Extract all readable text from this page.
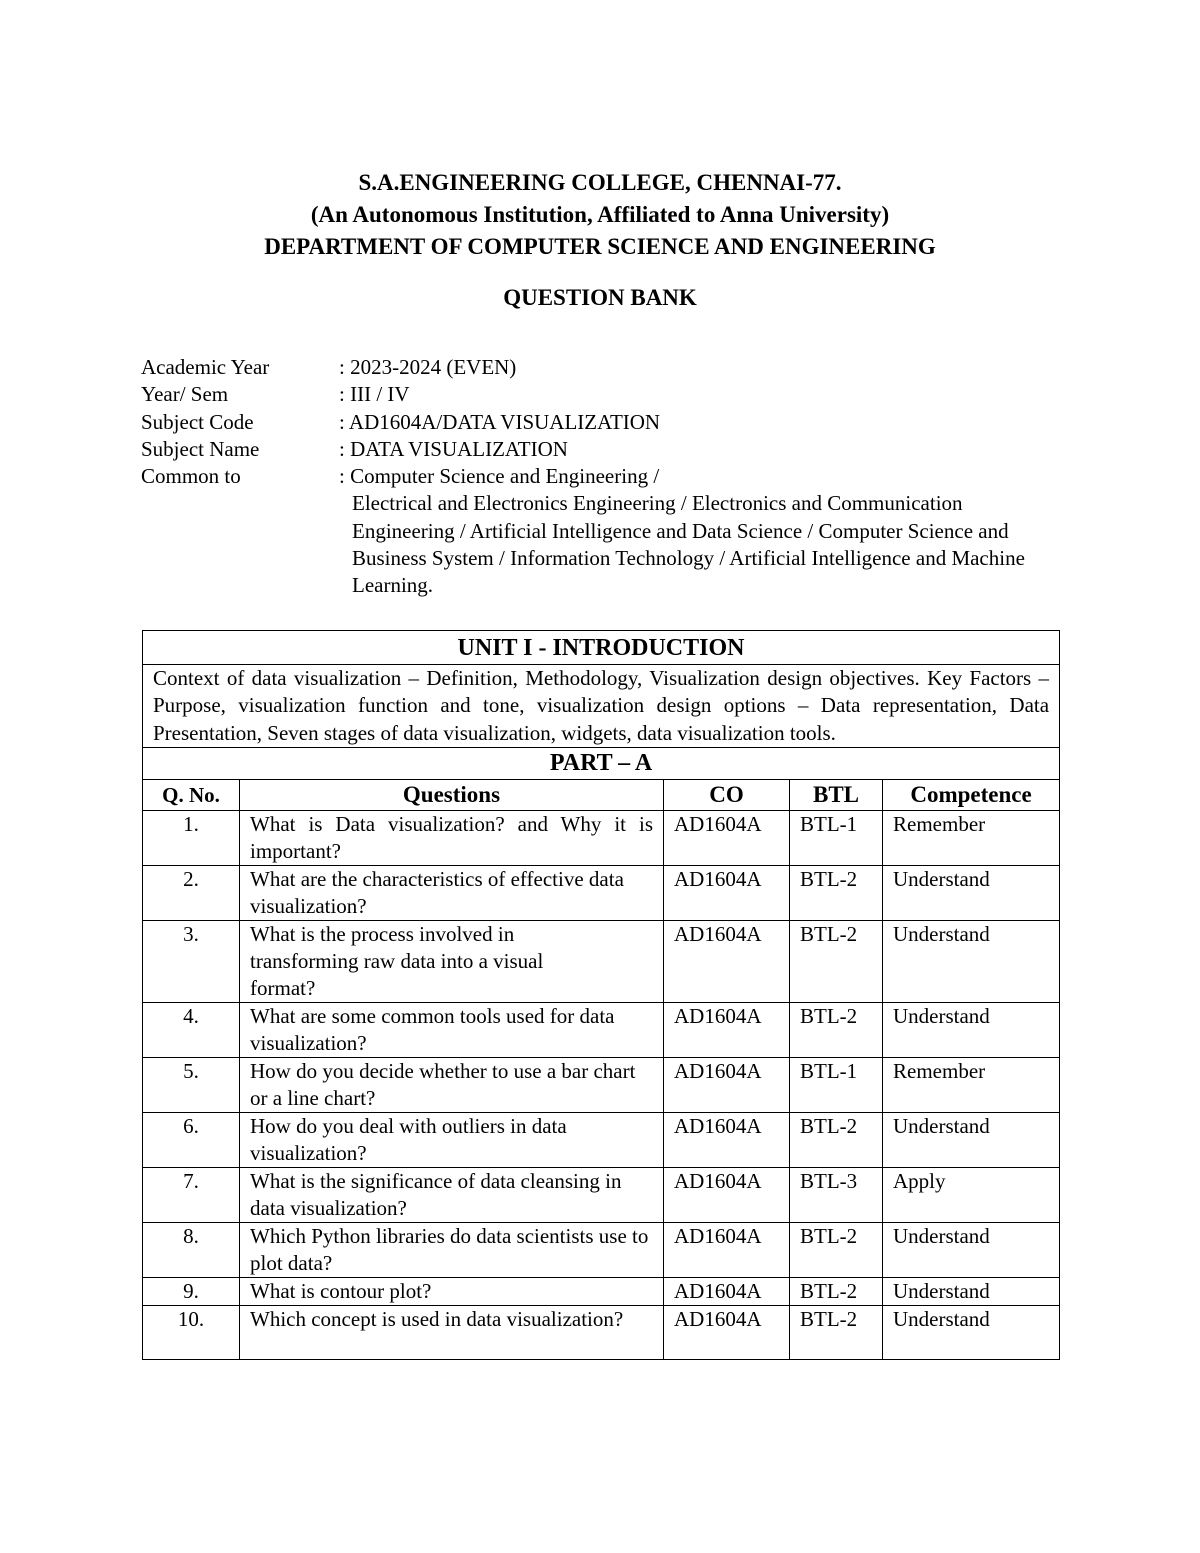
S.A.ENGINEERING COLLEGE, CHENNAI-77.
(An Autonomous Institution, Affiliated to Anna University)
DEPARTMENT OF COMPUTER SCIENCE AND ENGINEERING
QUESTION BANK
Academic Year	: 2023-2024 (EVEN)
Year/ Sem	: III / IV
Subject Code	: AD1604A/DATA VISUALIZATION
Subject Name	: DATA VISUALIZATION
Common to	: Computer Science and Engineering /
Electrical and Electronics Engineering / Electronics and Communication Engineering / Artificial Intelligence and Data Science / Computer Science and Business System / Information Technology / Artificial Intelligence and Machine Learning.
UNIT I - INTRODUCTION				
Context of data visualization – Definition, Methodology, Visualization design objectives. Key Factors – Purpose, visualization function and tone, visualization design options – Data representation, Data Presentation, Seven stages of data visualization, widgets, data visualization tools.				
PART – A				
Q. No.	Questions	CO	BTL	Competence
1.	What is Data visualization? and Why it is important?	AD1604A	BTL-1	Remember
2.	What are the characteristics of effective data visualization?	AD1604A	BTL-2	Understand
3.	What is the process involved in transforming raw data into a visual format?	AD1604A	BTL-2	Understand
4.	What are some common tools used for data visualization?	AD1604A	BTL-2	Understand
5.	How do you decide whether to use a bar chart or a line chart?	AD1604A	BTL-1	Remember
6.	How do you deal with outliers in data visualization?	AD1604A	BTL-2	Understand
7.	What is the significance of data cleansing in data visualization?	AD1604A	BTL-3	Apply
8.	Which Python libraries do data scientists use to plot data?	AD1604A	BTL-2	Understand
9.	What is contour plot?	AD1604A	BTL-2	Understand
10.	Which concept is used in data visualization?	AD1604A	BTL-2	Understand
